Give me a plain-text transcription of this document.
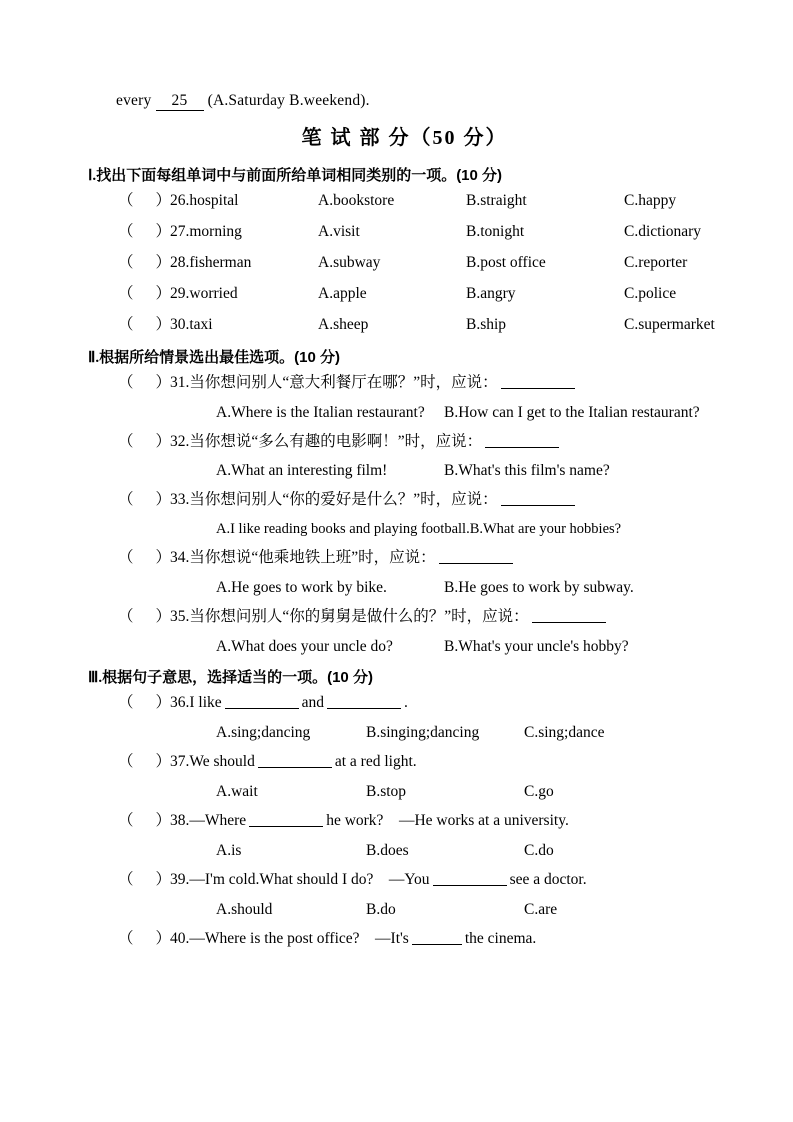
every 25 (A.Saturday B.weekend).
笔 试 部 分（50 分）
Ⅰ.找出下面每组单词中与前面所给单词相同类别的一项。(10 分)
（ ）26.hospital	A.bookstore	B.straight	C.happy
（ ）27.morning	A.visit	B.tonight	C.dictionary
（ ）28.fisherman	A.subway	B.post office	C.reporter
（ ）29.worried	A.apple	B.angry	C.police
（ ）30.taxi	A.sheep	B.ship	C.supermarket
Ⅱ.根据所给情景选出最佳选项。(10 分)
（ ）31.当你想问别人“意大利餐厅在哪？”时，应说：
A.Where is the Italian restaurant? B.How can I get to the Italian restaurant?
（ ）32.当你想说“多么有趣的电影啊！”时，应说：
A.What an interesting film!	B.What's this film's name?
（ ）33.当你想问别人“你的爱好是什么？”时，应说：
A.I like reading books and playing football.B.What are your hobbies?
（ ）34.当你想说“他乘地铁上班”时，应说：
A.He goes to work by bike.	B.He goes to work by subway.
（ ）35.当你想问别人“你的舅舅是做什么的？”时，应说：
A.What does your uncle do?	B.What's your uncle's hobby?
Ⅲ.根据句子意思，选择适当的一项。(10 分)
（ ）36.I like	and	.
A.sing;dancing	B.singing;dancing	C.sing;dance
（ ）37.We should	at a red light.
A.wait	B.stop	C.go
（ ）38.—Where	he work? —He works at a university.
A.is	B.does	C.do
（ ）39.—I'm cold.What should I do? —You	see a doctor.
A.should	B.do	C.are
（ ）40.—Where is the post office? —It's	the cinema.
